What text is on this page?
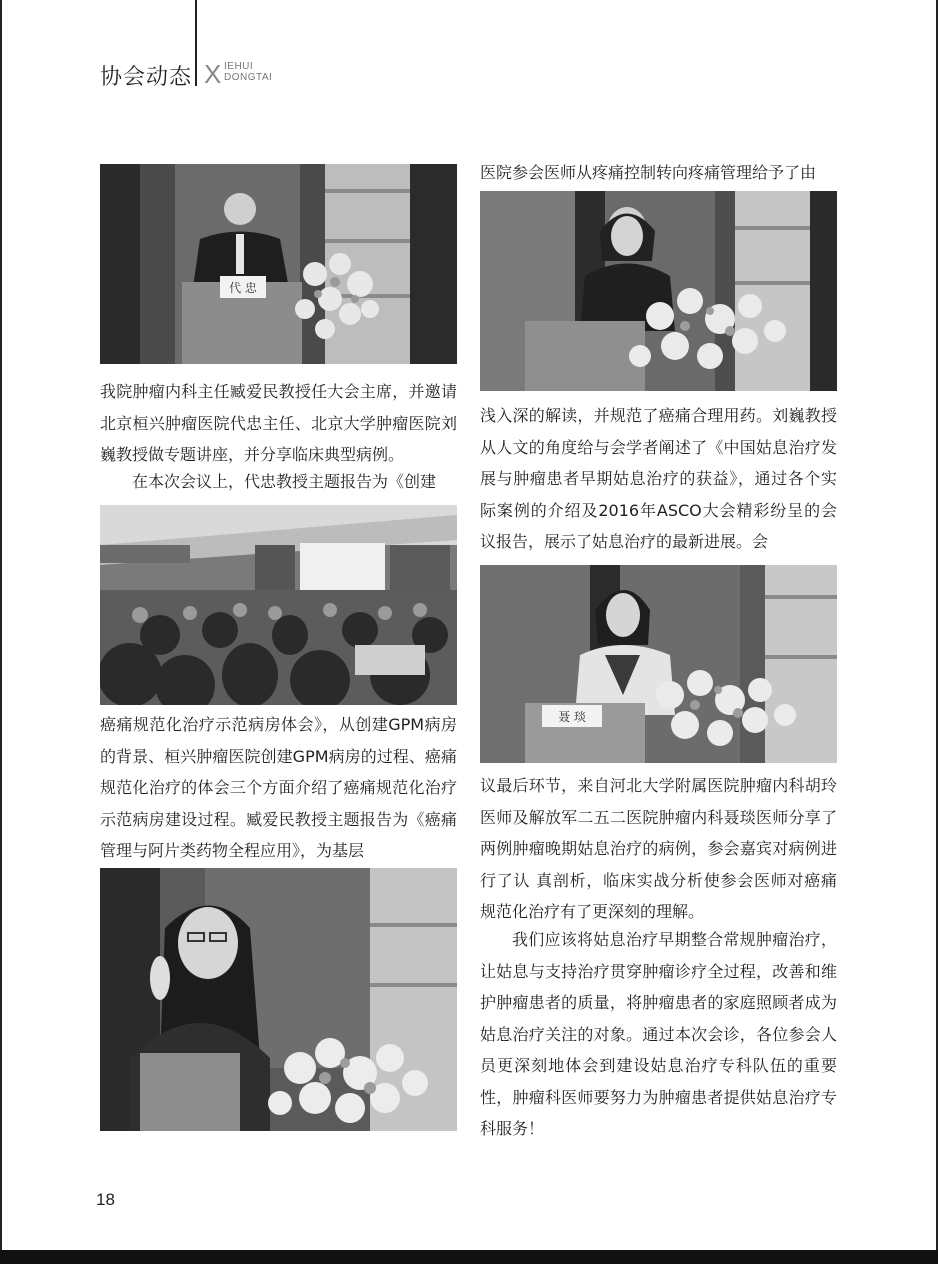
协会动态 X IEHUI
DONGTAI
代 忠
聂 琰

我院肿瘤内科主任臧爱民教授任大会主席，并邀请北京桓兴肿瘤医院代忠主任、北京大学肿瘤医院刘巍教授做专题讲座，并分享临床典型病例。

在本次会议上，代忠教授主题报告为《创建

癌痛规范化治疗示范病房体会》，从创建GPM病房的背景、桓兴肿瘤医院创建GPM病房的过程、癌痛规范化治疗的体会三个方面介绍了癌痛规范化治疗示范病房建设过程。臧爱民教授主题报告为《癌痛管理与阿片类药物全程应用》，为基层

医院参会医师从疼痛控制转向疼痛管理给予了由

浅入深的解读，并规范了癌痛合理用药。刘巍教授从人文的角度给与会学者阐述了《中国姑息治疗发展与肿瘤患者早期姑息治疗的获益》，通过各个实际案例的介绍及2016年ASCO大会精彩纷呈的会议报告，展示了姑息治疗的最新进展。会

议最后环节，来自河北大学附属医院肿瘤内科胡玲医师及解放军二五二医院肿瘤内科聂琰医师分享了两例肿瘤晚期姑息治疗的病例，参会嘉宾对病例进行了认 真剖析，临床实战分析使参会医师对癌痛规范化治疗有了更深刻的理解。

我们应该将姑息治疗早期整合常规肿瘤治疗，让姑息与支持治疗贯穿肿瘤诊疗全过程，改善和维护肿瘤患者的质量，将肿瘤患者的家庭照顾者成为姑息治疗关注的对象。通过本次会诊，各位参会人员更深刻地体会到建设姑息治疗专科队伍的重要性，肿瘤科医师要努力为肿瘤患者提供姑息治疗专科服务！

18
